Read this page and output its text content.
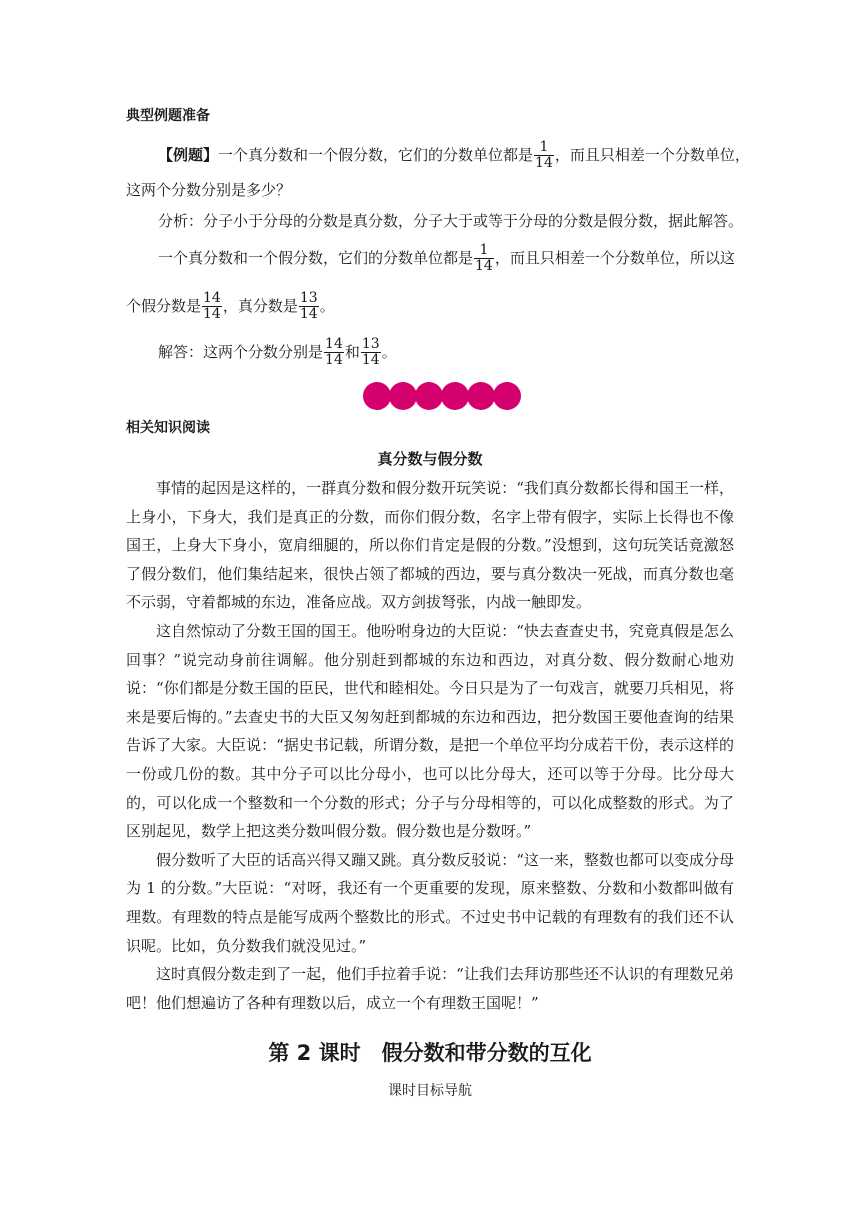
典型例题准备
【例题】一个真分数和一个假分数，它们的分数单位都是 $\frac{1}{14}$ ，而且只相差一个分数单位，
这两个分数分别是多少？
分析：分子小于分母的分数是真分数，分子大于或等于分母的分数是假分数，据此解答。
一个真分数和一个假分数，它们的分数单位都是 $\frac{1}{14}$ ，而且只相差一个分数单位，所以这
个假分数是 $\frac{14}{14}$ ，真分数是 $\frac{13}{14}$ 。
解答：这两个分数分别是 $\frac{14}{14}$ 和 $\frac{13}{14}$ 。
相关知识阅读
真分数与假分数

事情的起因是这样的，一群真分数和假分数开玩笑说：“我们真分数都长得和国王一样，上身小，下身大，我们是真正的分数，而你们假分数，名字上带有假字，实际上长得也不像国王，上身大下身小，宽肩细腿的，所以你们肯定是假的分数。”没想到，这句玩笑话竟激怒了假分数们，他们集结起来，很快占领了都城的西边，要与真分数决一死战，而真分数也毫不示弱，守着都城的东边，准备应战。双方剑拔弩张，内战一触即发。

这自然惊动了分数王国的国王。他吩咐身边的大臣说：“快去查查史书，究竟真假是怎么回事？”说完动身前往调解。他分别赶到都城的东边和西边，对真分数、假分数耐心地劝说：“你们都是分数王国的臣民，世代和睦相处。今日只是为了一句戏言，就要刀兵相见，将来是要后悔的。”去查史书的大臣又匆匆赶到都城的东边和西边，把分数国王要他查询的结果告诉了大家。大臣说：“据史书记载，所谓分数，是把一个单位平均分成若干份，表示这样的一份或几份的数。其中分子可以比分母小，也可以比分母大，还可以等于分母。比分母大的，可以化成一个整数和一个分数的形式；分子与分母相等的，可以化成整数的形式。为了区别起见，数学上把这类分数叫假分数。假分数也是分数呀。”

假分数听了大臣的话高兴得又蹦又跳。真分数反驳说：“这一来，整数也都可以变成分母为 1 的分数。”大臣说：“对呀，我还有一个更重要的发现，原来整数、分数和小数都叫做有理数。有理数的特点是能写成两个整数比的形式。不过史书中记载的有理数有的我们还不认识呢。比如，负分数我们就没见过。”

这时真假分数走到了一起，他们手拉着手说：“让我们去拜访那些还不认识的有理数兄弟吧！他们想遍访了各种有理数以后，成立一个有理数王国呢！”

第 2 课时　假分数和带分数的互化
课时目标导航
